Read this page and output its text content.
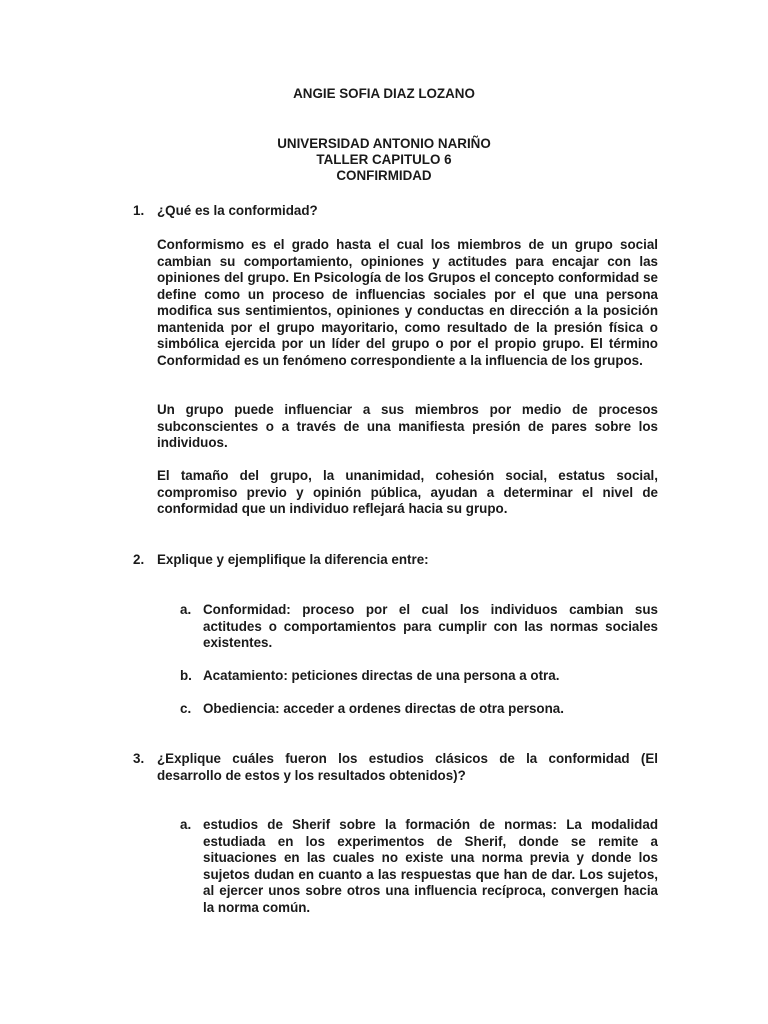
ANGIE SOFIA DIAZ LOZANO
UNIVERSIDAD ANTONIO NARIÑO
TALLER CAPITULO 6
CONFIRMIDAD
1. ¿Qué es la conformidad?
Conformismo es el grado hasta el cual los miembros de un grupo social cambian su comportamiento, opiniones y actitudes para encajar con las opiniones del grupo. En Psicología de los Grupos el concepto conformidad se define como un proceso de influencias sociales por el que una persona modifica sus sentimientos, opiniones y conductas en dirección a la posición mantenida por el grupo mayoritario, como resultado de la presión física o simbólica ejercida por un líder del grupo o por el propio grupo. El término Conformidad es un fenómeno correspondiente a la influencia de los grupos.
Un grupo puede influenciar a sus miembros por medio de procesos subconscientes o a través de una manifiesta presión de pares sobre los individuos.
El tamaño del grupo, la unanimidad, cohesión social, estatus social, compromiso previo y opinión pública, ayudan a determinar el nivel de conformidad que un individuo reflejará hacia su grupo.
2. Explique y ejemplifique la diferencia entre:
a. Conformidad: proceso por el cual los individuos cambian sus actitudes o comportamientos para cumplir con las normas sociales existentes.
b. Acatamiento: peticiones directas de una persona a otra.
c. Obediencia: acceder a ordenes directas de otra persona.
3. ¿Explique cuáles fueron los estudios clásicos de la conformidad (El desarrollo de estos y los resultados obtenidos)?
a. estudios de Sherif sobre la formación de normas: La modalidad estudiada en los experimentos de Sherif, donde se remite a situaciones en las cuales no existe una norma previa y donde los sujetos dudan en cuanto a las respuestas que han de dar. Los sujetos, al ejercer unos sobre otros una influencia recíproca, convergen hacia la norma común.
